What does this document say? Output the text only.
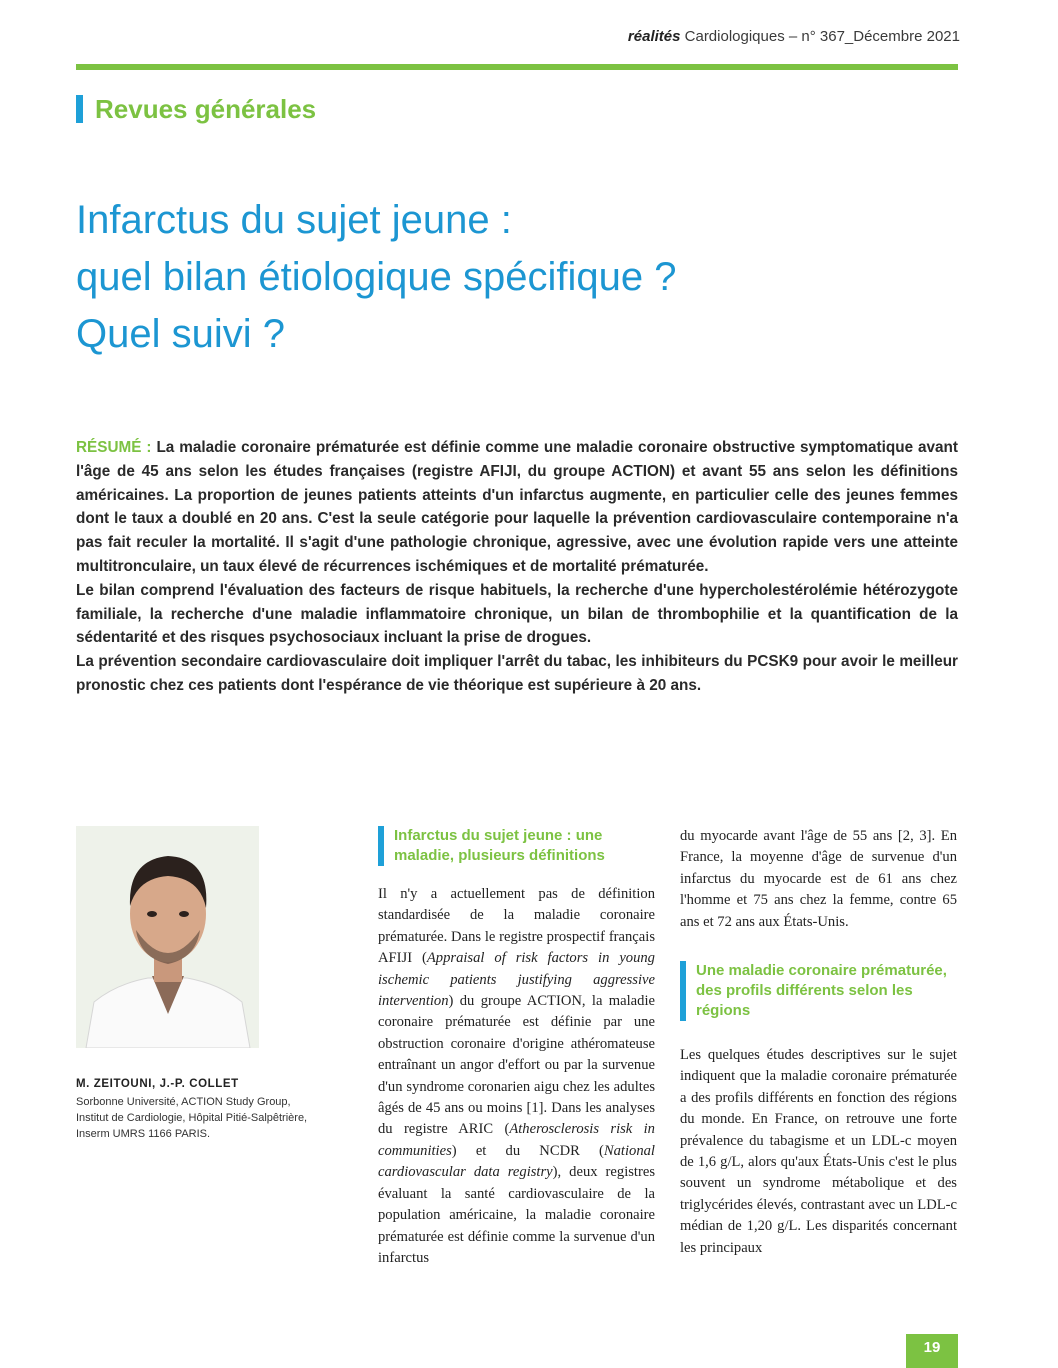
réalités Cardiologiques – n° 367_Décembre 2021
Revues générales
Infarctus du sujet jeune :
quel bilan étiologique spécifique ?
Quel suivi ?

RÉSUMÉ : La maladie coronaire prématurée est définie comme une maladie coronaire obstructive symptomatique avant l'âge de 45 ans selon les études françaises (registre AFIJI, du groupe ACTION) et avant 55 ans selon les définitions américaines. La proportion de jeunes patients atteints d'un infarctus augmente, en particulier celle des jeunes femmes dont le taux a doublé en 20 ans. C'est la seule catégorie pour laquelle la prévention cardiovasculaire contemporaine n'a pas fait reculer la mortalité. Il s'agit d'une pathologie chronique, agressive, avec une évolution rapide vers une atteinte multitronculaire, un taux élevé de récurrences ischémiques et de mortalité prématurée.

Le bilan comprend l'évaluation des facteurs de risque habituels, la recherche d'une hypercholestérolémie hétérozygote familiale, la recherche d'une maladie inflammatoire chronique, un bilan de thrombophilie et la quantification de la sédentarité et des risques psychosociaux incluant la prise de drogues.

La prévention secondaire cardiovasculaire doit impliquer l'arrêt du tabac, les inhibiteurs du PCSK9 pour avoir le meilleur pronostic chez ces patients dont l'espérance de vie théorique est supérieure à 20 ans.

M. ZEITOUNI, J.-P. COLLET
Sorbonne Université, ACTION Study Group,
Institut de Cardiologie, Hôpital Pitié-Salpêtrière,
Inserm UMRS 1166 PARIS.
Infarctus du sujet jeune : une maladie, plusieurs définitions

Il n'y a actuellement pas de définition standardisée de la maladie coronaire prématurée. Dans le registre prospectif français AFIJI (Appraisal of risk factors in young ischemic patients justifying aggressive intervention) du groupe ACTION, la maladie coronaire prématurée est définie par une obstruction coronaire d'origine athéromateuse entraînant un angor d'effort ou par la survenue d'un syndrome coronarien aigu chez les adultes âgés de 45 ans ou moins [1]. Dans les analyses du registre ARIC (Atherosclerosis risk in communities) et du NCDR (National cardiovascular data registry), deux registres évaluant la santé cardiovasculaire de la population américaine, la maladie coronaire prématurée est définie comme la survenue d'un infarctus

du myocarde avant l'âge de 55 ans [2, 3]. En France, la moyenne d'âge de survenue d'un infarctus du myocarde est de 61 ans chez l'homme et 75 ans chez la femme, contre 65 ans et 72 ans aux États-Unis.

Une maladie coronaire prématurée, des profils différents selon les régions

Les quelques études descriptives sur le sujet indiquent que la maladie coronaire prématurée a des profils différents en fonction des régions du monde. En France, on retrouve une forte prévalence du tabagisme et un LDL-c moyen de 1,6 g/L, alors qu'aux États-Unis c'est le plus souvent un syndrome métabolique et des triglycérides élevés, contrastant avec un LDL-c médian de 1,20 g/L. Les disparités concernant les principaux

19
